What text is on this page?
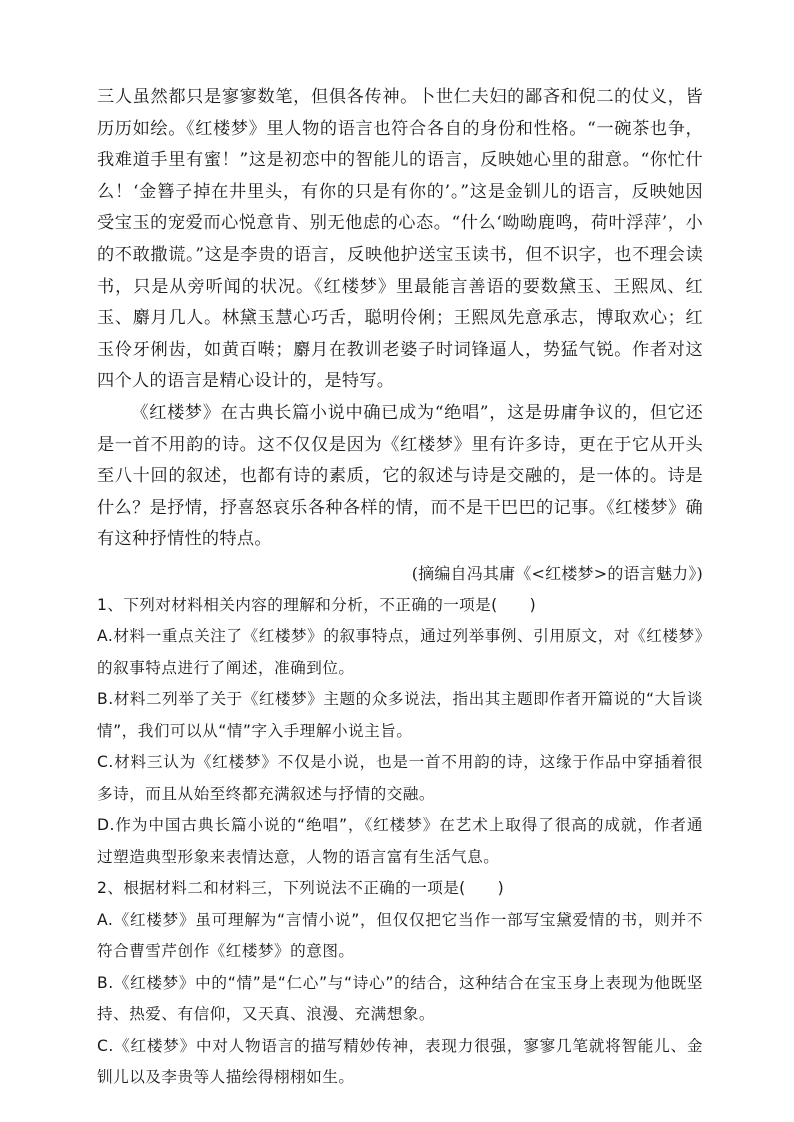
三人虽然都只是寥寥数笔，但俱各传神。卜世仁夫妇的鄙吝和倪二的仗义，皆历历如绘。《红楼梦》里人物的语言也符合各自的身份和性格。“一碗茶也争，我难道手里有蜜！”这是初恋中的智能儿的语言，反映她心里的甜意。“你忙什么！‘金簪子掉在井里头，有你的只是有你的’。”这是金钏儿的语言，反映她因受宝玉的宠爱而心悦意肯、别无他虑的心态。“什么‘呦呦鹿鸣，荷叶浮萍’，小的不敢撒谎。”这是李贵的语言，反映他护送宝玉读书，但不识字，也不理会读书，只是从旁听闻的状况。《红楼梦》里最能言善语的要数黛玉、王熙凤、红玉、麝月几人。林黛玉慧心巧舌，聪明伶俐；王熙凤先意承志，博取欢心；红玉伶牙俐齿，如黄百啭；麝月在教训老婆子时词锋逼人，势猛气锐。作者对这四个人的语言是精心设计的，是特写。

《红楼梦》在古典长篇小说中确已成为“绝唱”，这是毋庸争议的，但它还是一首不用韵的诗。这不仅仅是因为《红楼梦》里有许多诗，更在于它从开头至八十回的叙述，也都有诗的素质，它的叙述与诗是交融的，是一体的。诗是什么？是抒情，抒喜怒哀乐各种各样的情，而不是干巴巴的记事。《红楼梦》确有这种抒情性的特点。

(摘编自冯其庸《<红楼梦>的语言魅力》)

1、下列对材料相关内容的理解和分析，不正确的一项是(　　)

A.材料一重点关注了《红楼梦》的叙事特点，通过列举事例、引用原文，对《红楼梦》的叙事特点进行了阐述，准确到位。

B.材料二列举了关于《红楼梦》主题的众多说法，指出其主题即作者开篇说的“大旨谈情”，我们可以从“情”字入手理解小说主旨。

C.材料三认为《红楼梦》不仅是小说，也是一首不用韵的诗，这缘于作品中穿插着很多诗，而且从始至终都充满叙述与抒情的交融。

D.作为中国古典长篇小说的“绝唱”，《红楼梦》在艺术上取得了很高的成就，作者通过塑造典型形象来表情达意，人物的语言富有生活气息。

2、根据材料二和材料三，下列说法不正确的一项是(　　)

A.《红楼梦》虽可理解为“言情小说”，但仅仅把它当作一部写宝黛爱情的书，则并不符合曹雪芹创作《红楼梦》的意图。

B.《红楼梦》中的“情”是“仁心”与“诗心”的结合，这种结合在宝玉身上表现为他既坚持、热爱、有信仰，又天真、浪漫、充满想象。

C.《红楼梦》中对人物语言的描写精妙传神，表现力很强，寥寥几笔就将智能儿、金钏儿以及李贵等人描绘得栩栩如生。
